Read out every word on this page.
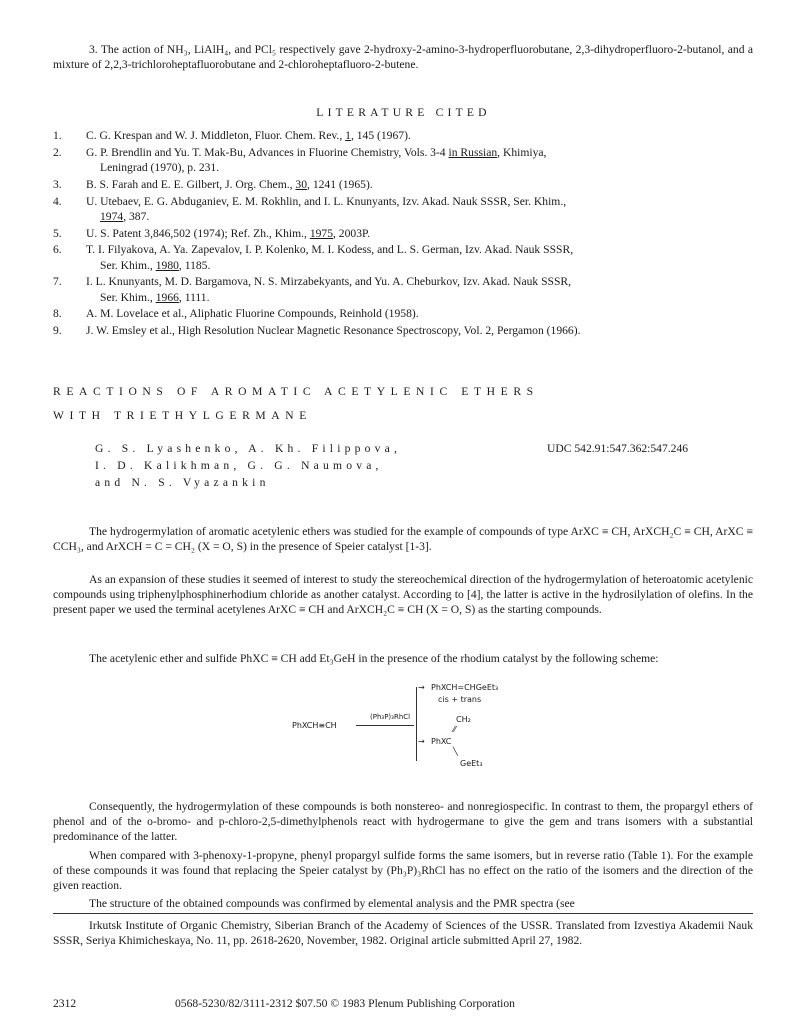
3. The action of NH₃, LiAlH₄, and PCl₅ respectively gave 2-hydroxy-2-amino-3-hydroperfluorobutane, 2,3-dihydroperfluoro-2-butanol, and a mixture of 2,2,3-trichloroheptafluorobutane and 2-chloroheptafluoro-2-butene.

LITERATURE CITED
1.	C. G. Krespan and W. J. Middleton, Fluor. Chem. Rev., 1, 145 (1967).
2.	G. P. Brendlin and Yu. T. Mak-Bu, Advances in Fluorine Chemistry, Vols. 3-4 in Russian, Khimiya,
Leningrad (1970), p. 231.
3.	B. S. Farah and E. E. Gilbert, J. Org. Chem., 30, 1241 (1965).
4.	U. Utebaev, E. G. Abduganiev, E. M. Rokhlin, and I. L. Knunyants, Izv. Akad. Nauk SSSR, Ser. Khim.,
1974, 387.
5.	U. S. Patent 3,846,502 (1974); Ref. Zh., Khim., 1975, 2003P.
6.	T. I. Filyakova, A. Ya. Zapevalov, I. P. Kolenko, M. I. Kodess, and L. S. German, Izv. Akad. Nauk SSSR,
Ser. Khim., 1980, 1185.
7.	I. L. Knunyants, M. D. Bargamova, N. S. Mirzabekyants, and Yu. A. Cheburkov, Izv. Akad. Nauk SSSR,
Ser. Khim., 1966, 1111.
8.	A. M. Lovelace et al., Aliphatic Fluorine Compounds, Reinhold (1958).
9.	J. W. Emsley et al., High Resolution Nuclear Magnetic Resonance Spectroscopy, Vol. 2, Pergamon (1966).
REACTIONS OF AROMATIC ACETYLENIC ETHERS
WITH TRIETHYLGERMANE
G. S. Lyashenko, A. Kh. Filippova,
I. D. Kalikhman, G. G. Naumova,
and N. S. Vyazankin
UDC 542.91:547.362:547.246

The hydrogermylation of aromatic acetylenic ethers was studied for the example of compounds of type ArXC ≡ CH, ArXCH₂C ≡ CH, ArXC ≡ CCH₃, and ArXCH = C = CH₂ (X = O, S) in the presence of Speier catalyst [1-3].

As an expansion of these studies it seemed of interest to study the stereochemical direction of the hydrogermylation of heteroatomic acetylenic compounds using triphenylphosphinerhodium chloride as another catalyst. According to [4], the latter is active in the hydrosilylation of olefins. In the present paper we used the terminal acetylenes ArXC ≡ CH and ArXCH₂C ≡ CH (X = O, S) as the starting compounds.

The acetylenic ether and sulfide PhXC ≡ CH add Et₃GeH in the presence of the rhodium catalyst by the following scheme:

PhXCH≡CH
(Ph₃P)₃RhCl
→ PhXCH=CHGeEt₃
cis + trans
CH₂
⁄⁄
→ PhXC
╲
GeEt₃

Consequently, the hydrogermylation of these compounds is both nonstereo- and nonregiospecific. In contrast to them, the propargyl ethers of phenol and of the o-bromo- and p-chloro-2,5-dimethylphenols react with hydrogermane to give the gem and trans isomers with a substantial predominance of the latter.

When compared with 3-phenoxy-1-propyne, phenyl propargyl sulfide forms the same isomers, but in reverse ratio (Table 1). For the example of these compounds it was found that replacing the Speier catalyst by (Ph₃P)₃RhCl has no effect on the ratio of the isomers and the direction of the given reaction.

The structure of the obtained compounds was confirmed by elemental analysis and the PMR spectra (see

Irkutsk Institute of Organic Chemistry, Siberian Branch of the Academy of Sciences of the USSR. Translated from Izvestiya Akademii Nauk SSSR, Seriya Khimicheskaya, No. 11, pp. 2618-2620, November, 1982. Original article submitted April 27, 1982.

2312	0568-5230/82/3111-2312 $07.50 © 1983 Plenum Publishing Corporation
